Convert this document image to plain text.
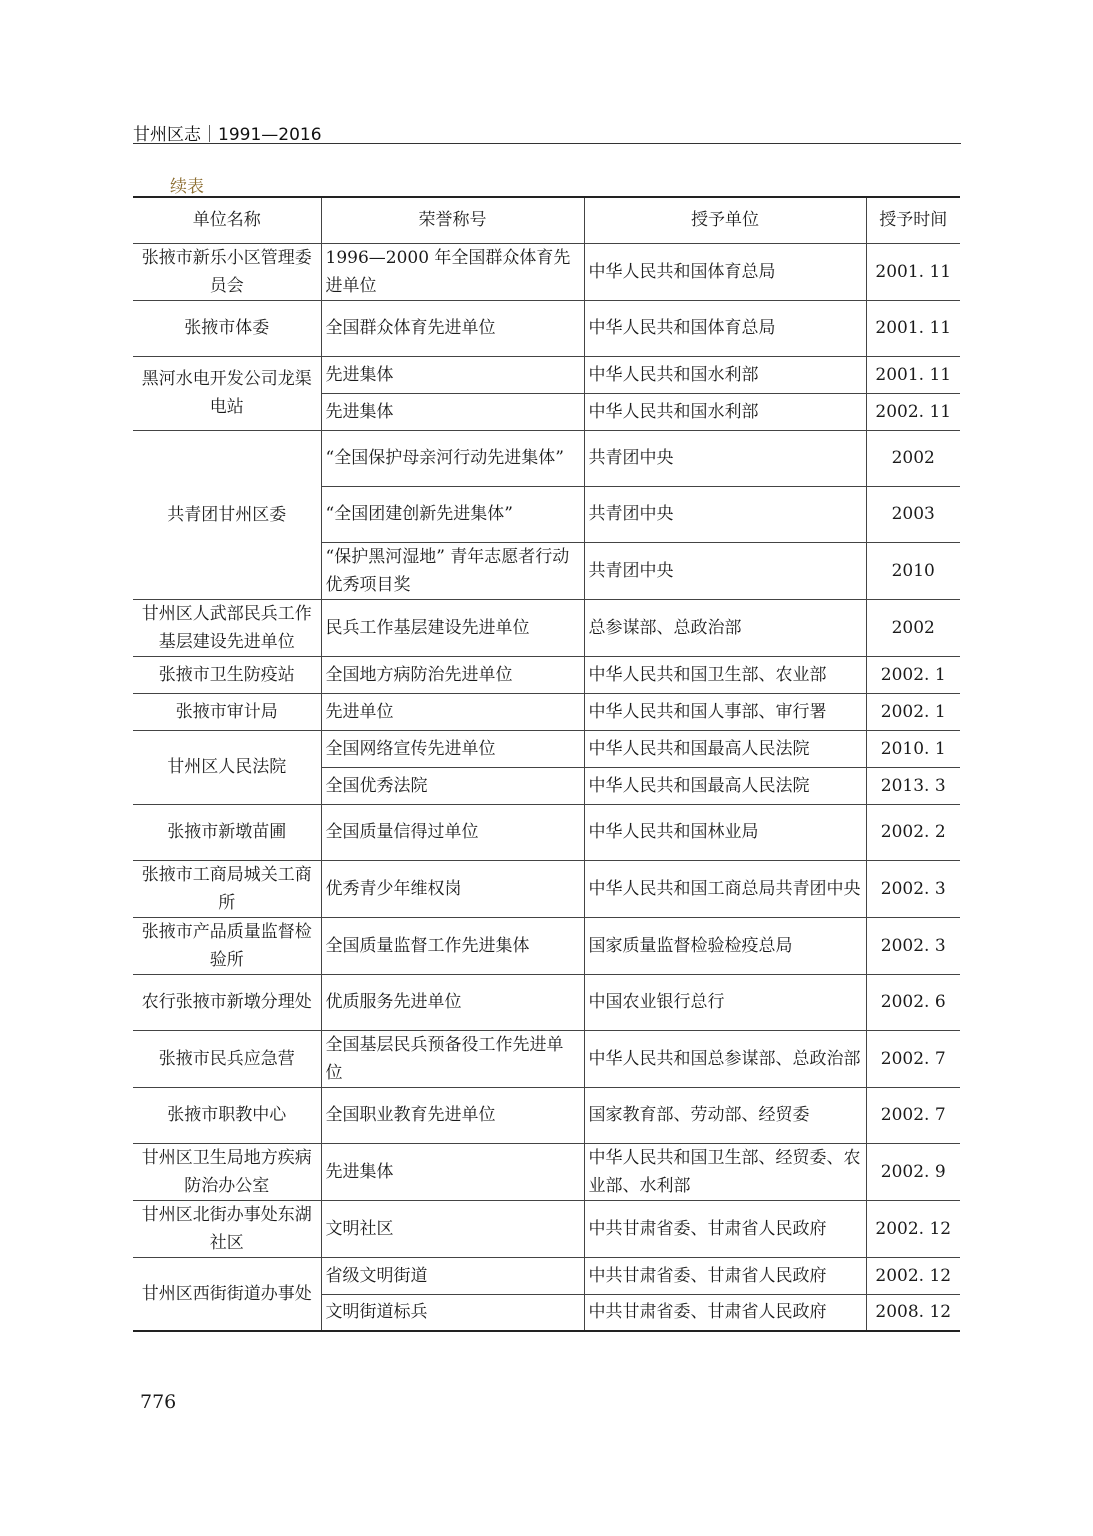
甘州区志｜1991—2016
续表
单位名称	荣誉称号	授予单位	授予时间
张掖市新乐小区管理委员会	1996—2000 年全国群众体育先进单位	中华人民共和国体育总局	2001. 11
张掖市体委	全国群众体育先进单位	中华人民共和国体育总局	2001. 11
黑河水电开发公司龙渠电站	先进集体	中华人民共和国水利部	2001. 11
	先进集体	中华人民共和国水利部	2002. 11
共青团甘州区委	“全国保护母亲河行动先进集体”	共青团中央	2002
	“全国团建创新先进集体”	共青团中央	2003
	“保护黑河湿地” 青年志愿者行动优秀项目奖	共青团中央	2010
甘州区人武部民兵工作基层建设先进单位	民兵工作基层建设先进单位	总参谋部、总政治部	2002
张掖市卫生防疫站	全国地方病防治先进单位	中华人民共和国卫生部、农业部	2002. 1
张掖市审计局	先进单位	中华人民共和国人事部、审行署	2002. 1
甘州区人民法院	全国网络宣传先进单位	中华人民共和国最高人民法院	2010. 1
	全国优秀法院	中华人民共和国最高人民法院	2013. 3
张掖市新墩苗圃	全国质量信得过单位	中华人民共和国林业局	2002. 2
张掖市工商局城关工商所	优秀青少年维权岗	中华人民共和国工商总局共青团中央	2002. 3
张掖市产品质量监督检验所	全国质量监督工作先进集体	国家质量监督检验检疫总局	2002. 3
农行张掖市新墩分理处	优质服务先进单位	中国农业银行总行	2002. 6
张掖市民兵应急营	全国基层民兵预备役工作先进单位	中华人民共和国总参谋部、总政治部	2002. 7
张掖市职教中心	全国职业教育先进单位	国家教育部、劳动部、经贸委	2002. 7
甘州区卫生局地方疾病防治办公室	先进集体	中华人民共和国卫生部、经贸委、农业部、水利部	2002. 9
甘州区北街办事处东湖社区	文明社区	中共甘肃省委、甘肃省人民政府	2002. 12
甘州区西街街道办事处	省级文明街道	中共甘肃省委、甘肃省人民政府	2002. 12
	文明街道标兵	中共甘肃省委、甘肃省人民政府	2008. 12
776
